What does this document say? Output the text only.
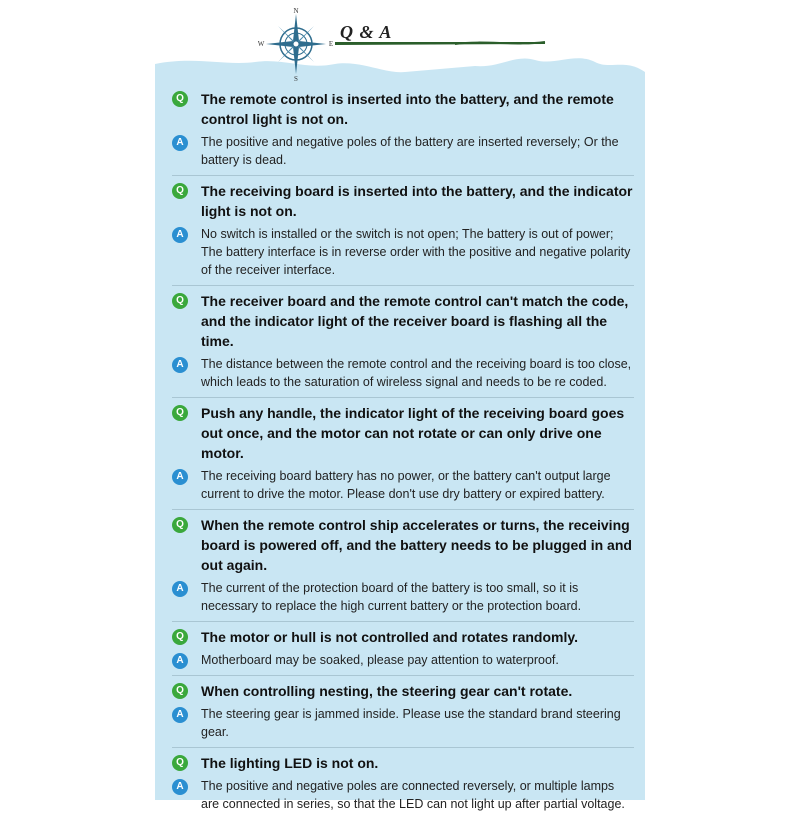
N
S
E
W
Q & A
Q The remote control is inserted into the battery, and the remote control light is not on.
A	The positive and negative poles of the battery are inserted reversely; Or the battery is dead.
Q The receiving board is inserted into the battery, and the indicator light is not on.
A	No switch is installed or the switch is not open; The battery is out of power; The battery interface is in reverse order with the positive and negative polarity of the receiver interface.
Q The receiver board and the remote control can't match the code, and the indicator light of the receiver board is flashing all the time.
A	The distance between the remote control and the receiving board is too close, which leads to the saturation of wireless signal and needs to be re coded.
Q Push any handle, the indicator light of the receiving board goes out once, and the motor can not rotate or can only drive one motor.
A	The receiving board battery has no power, or the battery can't output large current to drive the motor. Please don't use dry battery or expired battery.
Q When the remote control ship accelerates or turns, the receiving board is powered off, and the battery needs to be plugged in and out again.
A	The current of the protection board of the battery is too small, so it is necessary to replace the high current battery or the protection board.
Q The motor or hull is not controlled and rotates randomly.
A	Motherboard may be soaked, please pay attention to waterproof.
Q When controlling nesting, the steering gear can't rotate.
A	The steering gear is jammed inside. Please use the standard brand steering gear.
Q The lighting LED is not on.
A	The positive and negative poles are connected reversely, or multiple lamps are connected in series, so that the LED can not light up after partial voltage.
